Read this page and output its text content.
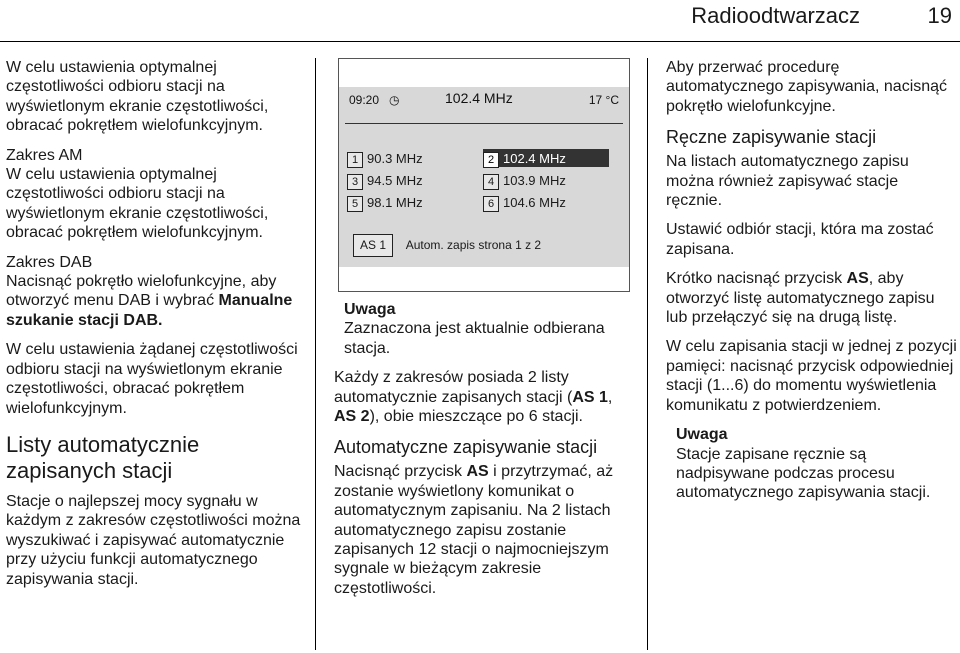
Radioodtwarzacz	19

W celu ustawienia optymalnej częstotliwości odbioru stacji na wyświetlonym ekranie częstotliwości, obracać pokrętłem wielofunkcyjnym.

Zakres AM
W celu ustawienia optymalnej częstotliwości odbioru stacji na wyświetlonym ekranie częstotliwości, obracać pokrętłem wielofunkcyjnym.

Zakres DAB
Nacisnąć pokrętło wielofunkcyjne, aby otworzyć menu DAB i wybrać Manualne szukanie stacji DAB.

W celu ustawienia żądanej częstotliwości odbioru stacji na wyświetlonym ekranie częstotliwości, obracać pokrętłem wielofunkcyjnym.

Listy automatycznie zapisanych stacji

Stacje o najlepszej mocy sygnału w każdym z zakresów częstotliwości można wyszukiwać i zapisywać automatycznie przy użyciu funkcji automatycznego zapisywania stacji.

09:20 ◷	102.4 MHz	17 °C
1 90.3 MHz	2 102.4 MHz
3 94.5 MHz	4 103.9 MHz
5 98.1 MHz	6 104.6 MHz
AS 1 Autom. zapis strona 1 z 2

Uwaga

Zaznaczona jest aktualnie odbierana stacja.

Każdy z zakresów posiada 2 listy automatycznie zapisanych stacji (AS 1, AS 2), obie mieszczące po 6 stacji.

Automatyczne zapisywanie stacji

Nacisnąć przycisk AS i przytrzymać, aż zostanie wyświetlony komunikat o automatycznym zapisaniu. Na 2 listach automatycznego zapisu zostanie zapisanych 12 stacji o najmocniejszym sygnale w bieżącym zakresie częstotliwości.

Aby przerwać procedurę automatycznego zapisywania, nacisnąć pokrętło wielofunkcyjne.

Ręczne zapisywanie stacji

Na listach automatycznego zapisu można również zapisywać stacje ręcznie.

Ustawić odbiór stacji, która ma zostać zapisana.

Krótko nacisnąć przycisk AS, aby otworzyć listę automatycznego zapisu lub przełączyć się na drugą listę.

W celu zapisania stacji w jednej z pozycji pamięci: nacisnąć przycisk odpowiedniej stacji (1...6) do momentu wyświetlenia komunikatu z potwierdzeniem.

Uwaga

Stacje zapisane ręcznie są nadpisywane podczas procesu automatycznego zapisywania stacji.
